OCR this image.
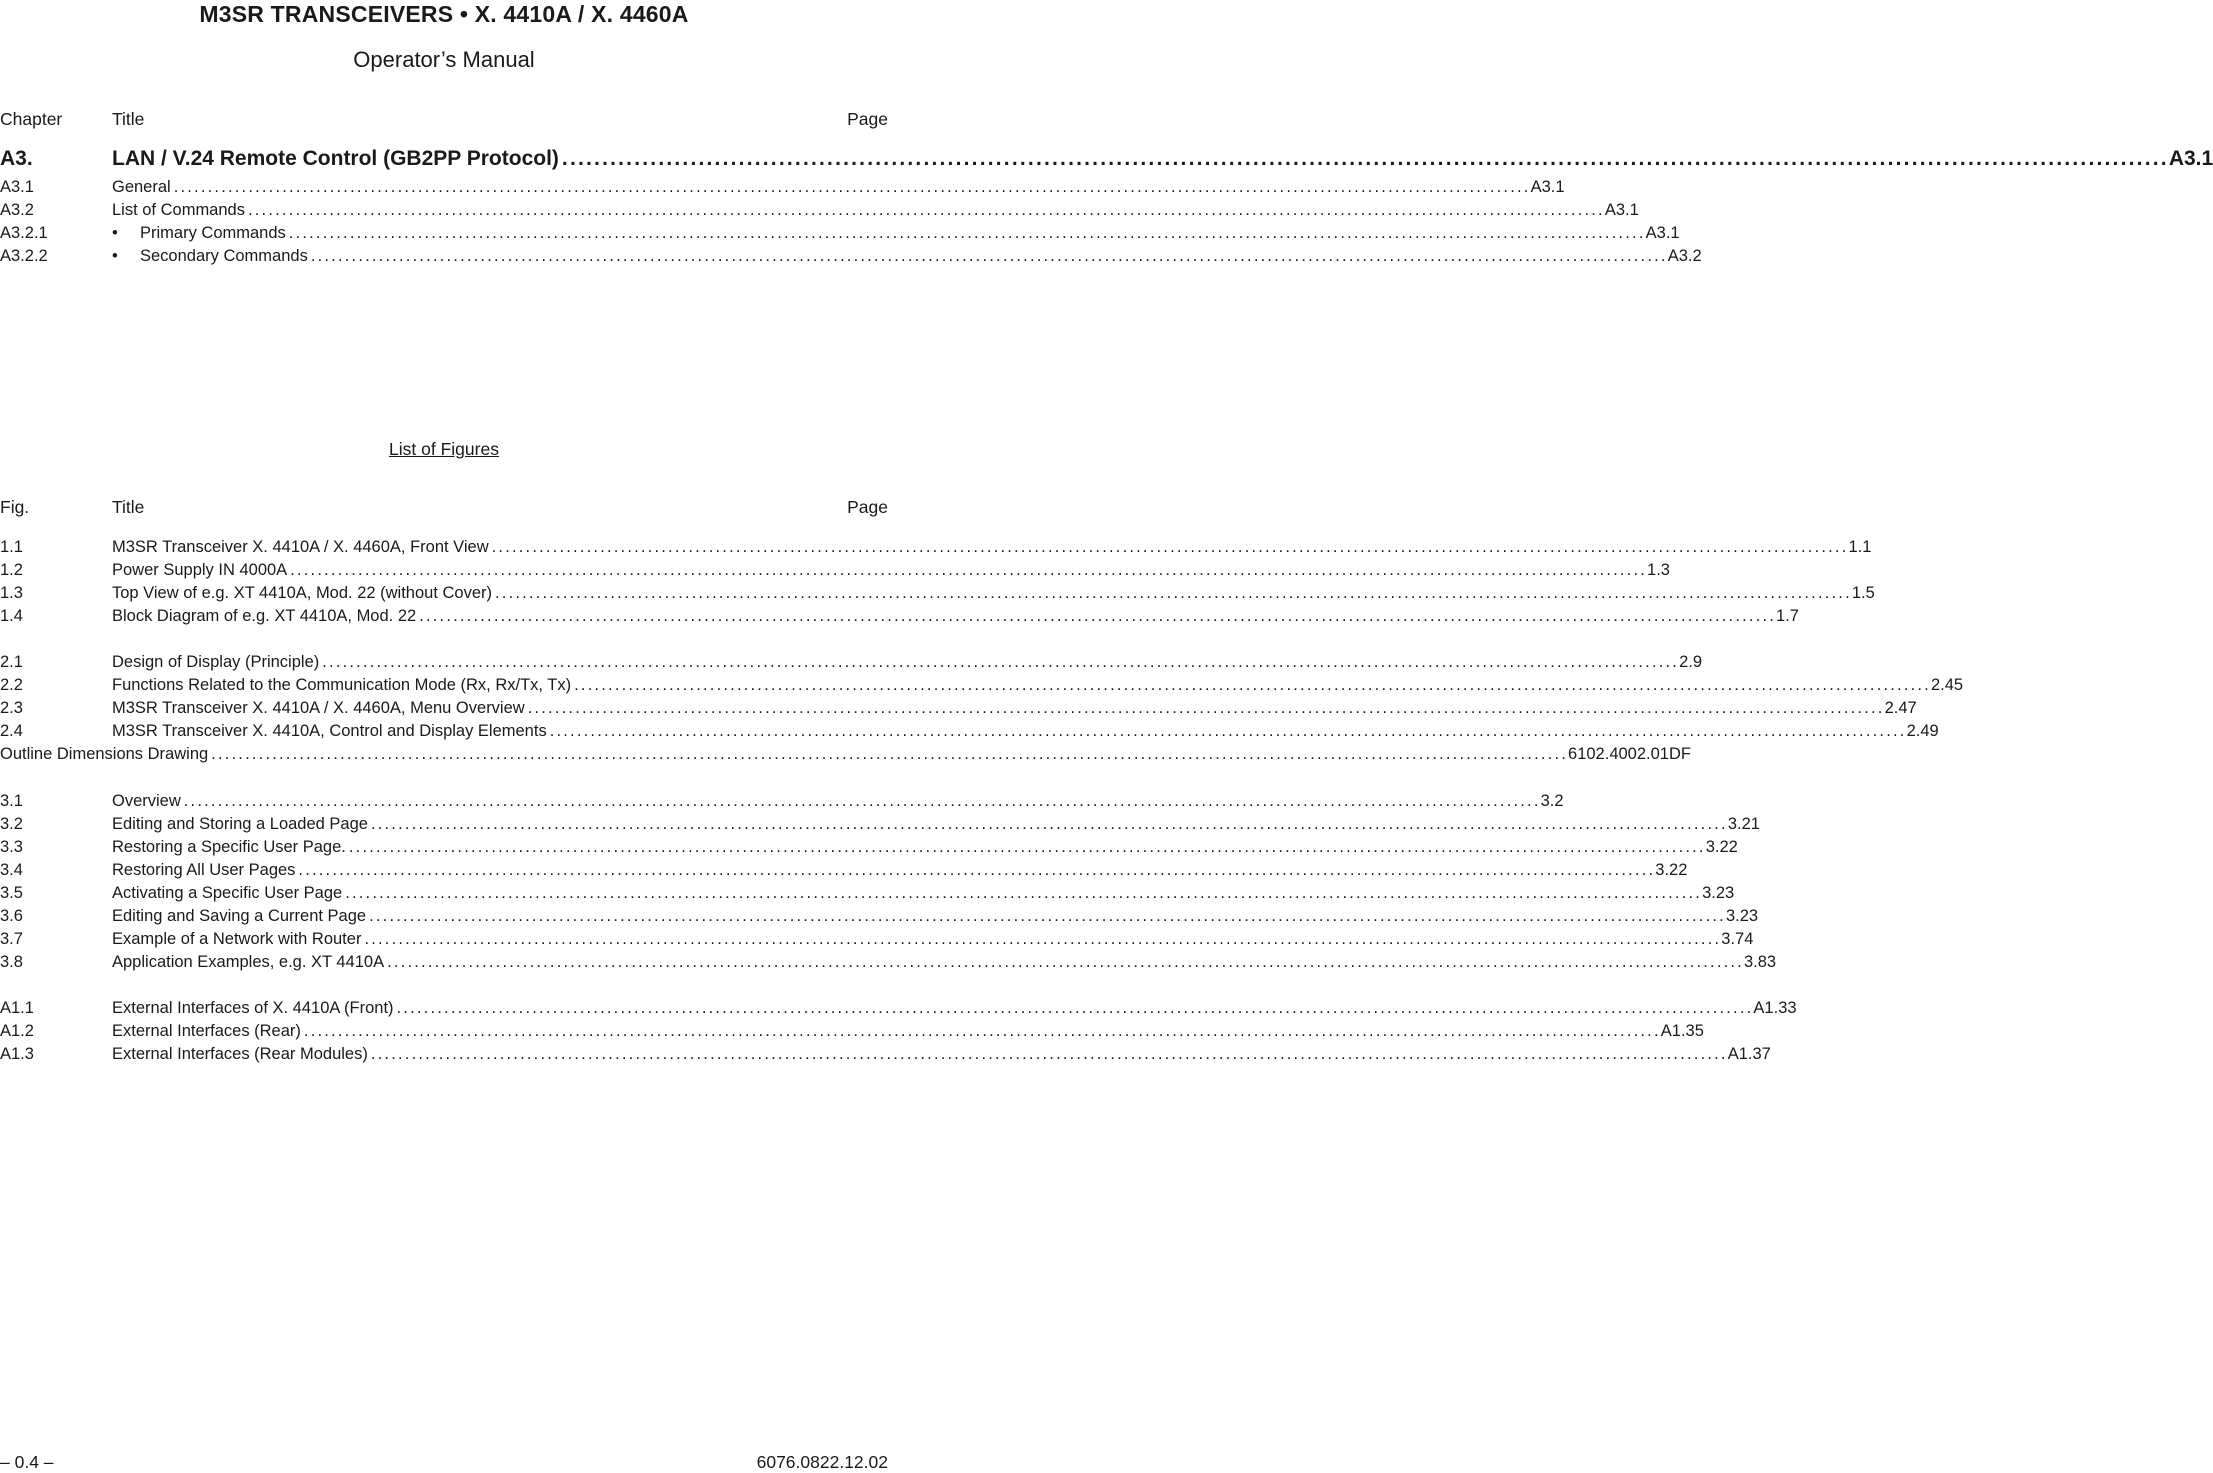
M3SR TRANSCEIVERS • X. 4410A / X. 4460A
Operator’s Manual
Chapter	Title	Page
A3.	LAN / V.24 Remote Control (GB2PP Protocol) ........................................................................................................................................................................................................ A3.1
A3.1	General ........................................................................................................................................................................................................ A3.1
A3.2	List of Commands ........................................................................................................................................................................................................ A3.1
A3.2.1	•	Primary Commands ........................................................................................................................................................................................................ A3.1
A3.2.2	•	Secondary Commands ........................................................................................................................................................................................................ A3.2
List of Figures
Fig.	Title	Page
1.1	M3SR Transceiver X. 4410A / X. 4460A, Front View ........................................................................................................................................................................................................ 1.1
1.2	Power Supply IN 4000A ........................................................................................................................................................................................................ 1.3
1.3	Top View of e.g. XT 4410A, Mod. 22 (without Cover) ........................................................................................................................................................................................................ 1.5
1.4	Block Diagram of e.g. XT 4410A, Mod. 22 ........................................................................................................................................................................................................ 1.7
2.1	Design of Display (Principle) ........................................................................................................................................................................................................ 2.9
2.2	Functions Related to the Communication Mode (Rx, Rx/Tx, Tx) ........................................................................................................................................................................................................ 2.45
2.3	M3SR Transceiver X. 4410A / X. 4460A, Menu Overview ........................................................................................................................................................................................................ 2.47
2.4	M3SR Transceiver X. 4410A, Control and Display Elements ........................................................................................................................................................................................................ 2.49
Outline Dimensions Drawing ........................................................................................................................................................................................................ 6102.4002.01DF
3.1	Overview ........................................................................................................................................................................................................ 3.2
3.2	Editing and Storing a Loaded Page ........................................................................................................................................................................................................ 3.21
3.3	Restoring a Specific User Page. ........................................................................................................................................................................................................ 3.22
3.4	Restoring All User Pages ........................................................................................................................................................................................................ 3.22
3.5	Activating a Specific User Page ........................................................................................................................................................................................................ 3.23
3.6	Editing and Saving a Current Page ........................................................................................................................................................................................................ 3.23
3.7	Example of a Network with Router ........................................................................................................................................................................................................ 3.74
3.8	Application Examples, e.g. XT 4410A ........................................................................................................................................................................................................ 3.83
A1.1	External Interfaces of X. 4410A (Front) ........................................................................................................................................................................................................ A1.33
A1.2	External Interfaces (Rear) ........................................................................................................................................................................................................ A1.35
A1.3	External Interfaces (Rear Modules) ........................................................................................................................................................................................................ A1.37
– 0.4 –	6076.0822.12.02
